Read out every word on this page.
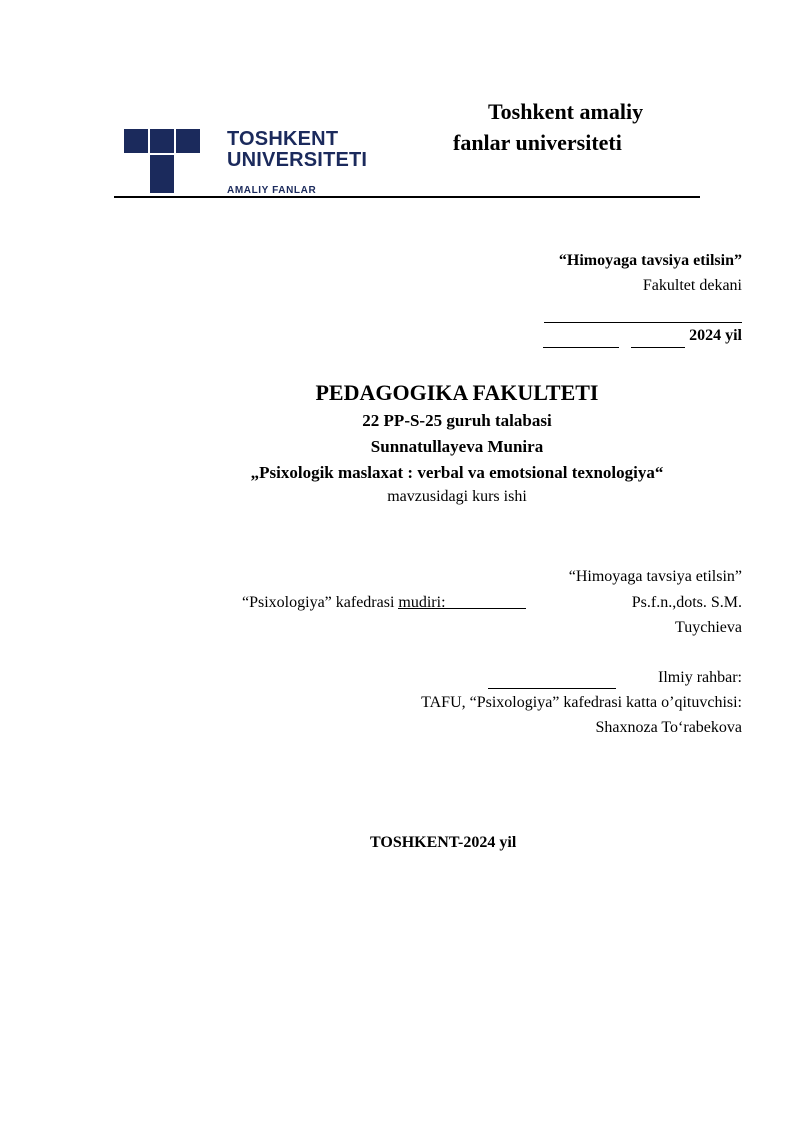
TOSHKENT
UNIVERSITETI
AMALIY FANLAR
Toshkent amaliy
fanlar universiteti
“Himoyaga tavsiya etilsin”
Fakultet dekani
2024 yil
PEDAGOGIKA FAKULTETI
22 PP-S-25 guruh talabasi
Sunnatullayeva Munira
„Psixologik maslaxat : verbal va emotsional texnologiya“
mavzusidagi kurs ishi
“Himoyaga tavsiya etilsin”
“Psixologiya” kafedrasi mudiri:	Ps.f.n.,dots. S.M.
Tuychieva
Ilmiy rahbar:
TAFU, “Psixologiya” kafedrasi katta o’qituvchisi:
Shaxnoza To‘rabekova
TOSHKENT-2024 yil
